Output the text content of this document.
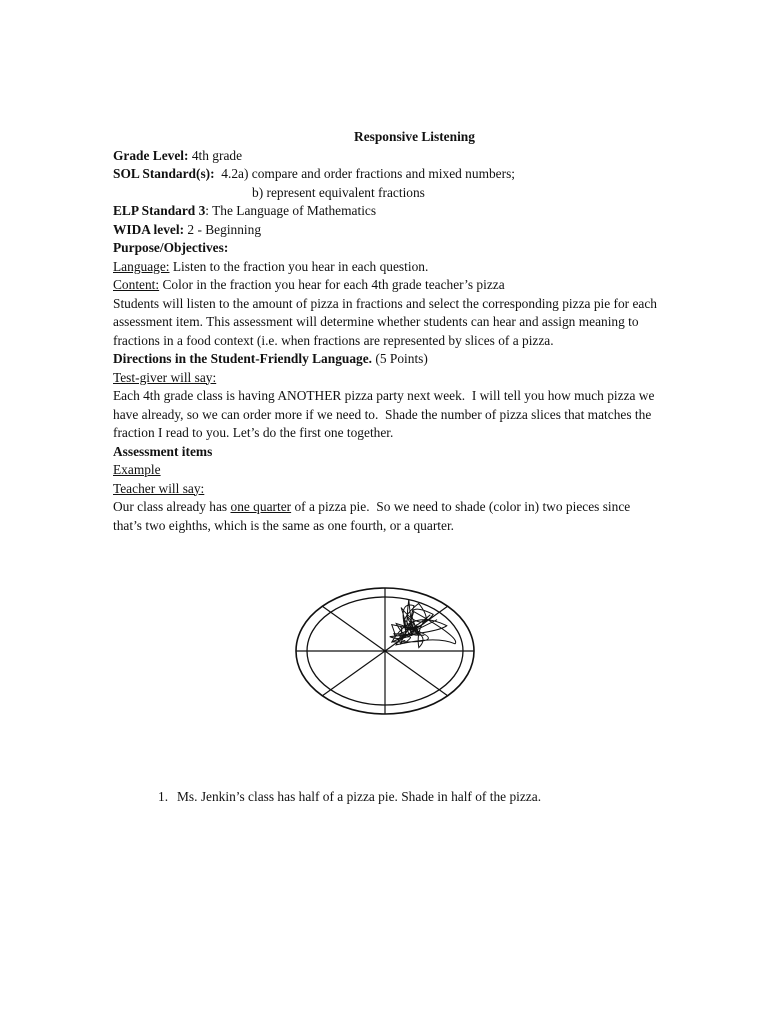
Responsive Listening

Grade Level: 4th grade

SOL Standard(s):  4.2a) compare and order fractions and mixed numbers;

b) represent equivalent fractions

ELP Standard 3: The Language of Mathematics

WIDA level: 2 - Beginning

Purpose/Objectives:

Language: Listen to the fraction you hear in each question.

Content: Color in the fraction you hear for each 4th grade teacher’s pizza

Students will listen to the amount of pizza in fractions and select the corresponding pizza pie for each assessment item. This assessment will determine whether students can hear and assign meaning to fractions in a food context (i.e. when fractions are represented by slices of a pizza.

Directions in the Student-Friendly Language. (5 Points)

Test-giver will say:

Each 4th grade class is having ANOTHER pizza party next week.  I will tell you how much pizza we have already, so we can order more if we need to.  Shade the number of pizza slices that matches the fraction I read to you. Let’s do the first one together.

Assessment items

Example

Teacher will say:

Our class already has one quarter of a pizza pie.  So we need to shade (color in) two pieces since that’s two eighths, which is the same as one fourth, or a quarter.

1. Ms. Jenkin’s class has half of a pizza pie. Shade in half of the pizza.
